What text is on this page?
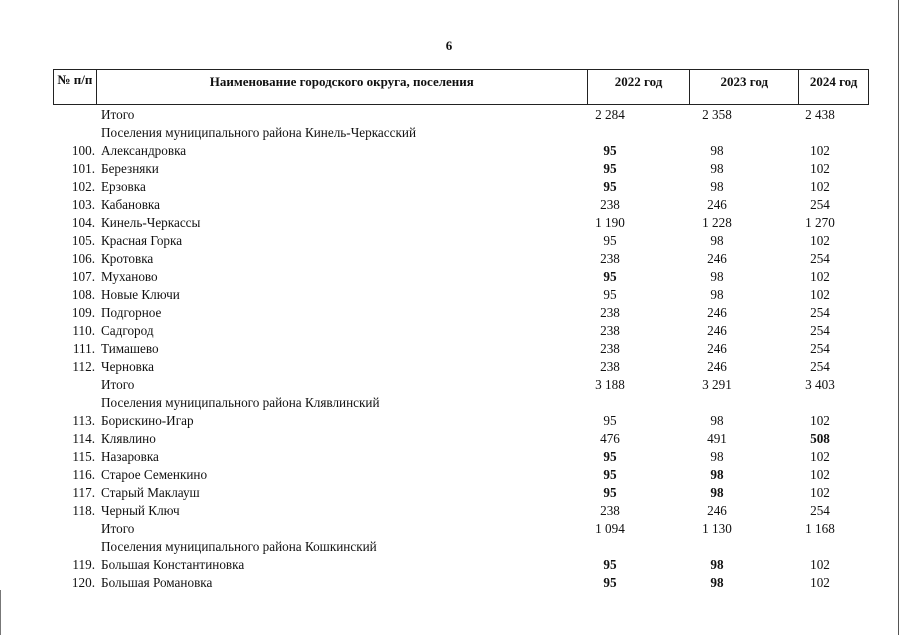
6
№ п/п	Наименование городского округа, поселения	2022 год	2023 год	2024 год
Итого	2 284	2 358	2 438
Поселения муниципального района Кинель-Черкасский
100. Александровка	95	98	102
101. Березняки	95	98	102
102. Ерзовка	95	98	102
103. Кабановка	238	246	254
104. Кинель-Черкассы	1 190	1 228	1 270
105. Красная Горка	95	98	102
106. Кротовка	238	246	254
107. Муханово	95	98	102
108. Новые Ключи	95	98	102
109. Подгорное	238	246	254
110. Садгород	238	246	254
111. Тимашево	238	246	254
112. Черновка	238	246	254
Итого	3 188	3 291	3 403
Поселения муниципального района Клявлинский
113. Борискино-Игар	95	98	102
114. Клявлино	476	491	508
115. Назаровка	95	98	102
116. Старое Семенкино	95	98	102
117. Старый Маклауш	95	98	102
118. Черный Ключ	238	246	254
Итого	1 094	1 130	1 168
Поселения муниципального района Кошкинский
119. Большая Константиновка	95	98	102
120. Большая Романовка	95	98	102
